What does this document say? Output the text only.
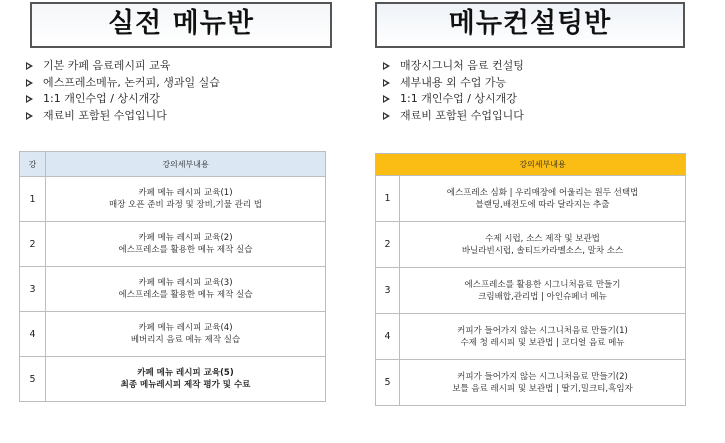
실전 메뉴반
기본 카페 음료레시피 교육
에스프레소메뉴, 논커피, 생과일 실습
1:1 개인수업 / 상시개강
재료비 포함된 수업입니다
강	강의세부내용
1	카페 메뉴 레시피 교육(1)
매장 오픈 준비 과정 및 장비,기물 관리 법

2	카페 메뉴 레시피 교육(2)
에스프레소를 활용한 메뉴 제작 실습

3	카페 메뉴 레시피 교육(3)
에스프레소를 활용한 메뉴 제작 실습

4	카페 메뉴 레시피 교육(4)
베버리지 음료 메뉴 제작 실습

5	카페 메뉴 레시피 교육(5)
최종 메뉴레시피 제작 평가 및 수료
메뉴컨설팅반
매장시그니처 음료 컨설팅
세부내용 외 수업 가능
1:1 개인수업 / 상시개강
재료비 포함된 수업입니다
	강의세부내용
1	에스프레소 심화 | 우리매장에 어울리는 원두 선택법
블랜딩,배전도에 따라 달라지는 추출

2	수제 시럽, 소스 제작 및 보관법
바닐라빈시럽, 솔티드카라멜소스, 말차 소스

3	에스프레소를 활용한 시그니처음료 만들기
크림배합,관리법 | 아인슈페너 메뉴

4	커피가 들어가지 않는 시그니처음료 만들기(1)
수제 청 레시피 및 보관법 | 코디얼 음료 메뉴

5	커피가 들어가지 않는 시그니처음료 만들기(2)
보틀 음료 레시피 및 보관법 | 딸기,밀크티,흑임자
